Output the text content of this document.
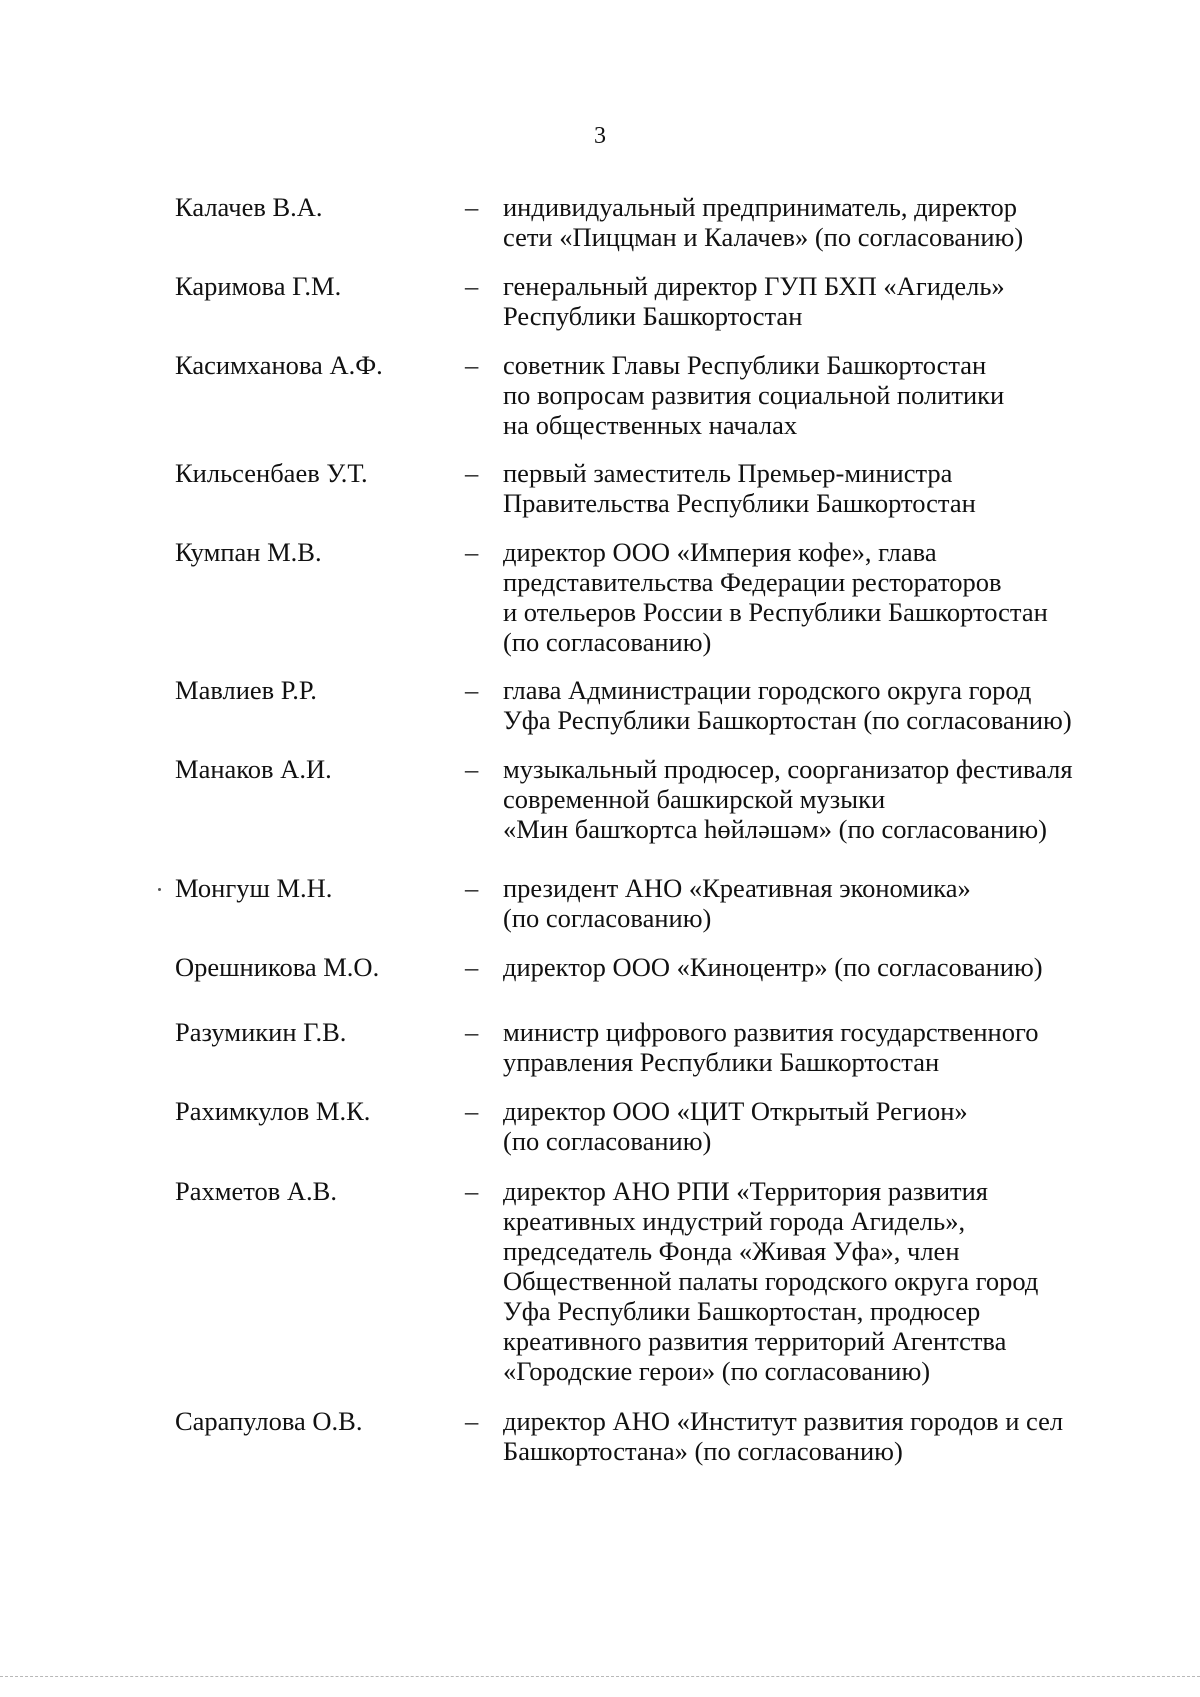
3
Калачев В.А.	– индивидуальный предприниматель, директор
сети «Пиццман и Калачев» (по согласованию)
Каримова Г.М.	– генеральный директор ГУП БХП «Агидель»
Республики Башкортостан
Касимханова А.Ф.	– советник Главы Республики Башкортостан
по вопросам развития социальной политики
на общественных началах
Кильсенбаев У.Т.	– первый заместитель Премьер-министра
Правительства Республики Башкортостан
Кумпан М.В.	– директор ООО «Империя кофе», глава
представительства Федерации рестораторов
и отельеров России в Республики Башкортостан
(по согласованию)
Мавлиев Р.Р.	– глава Администрации городского округа город
Уфа Республики Башкортостан (по согласованию)
Манаков А.И.	– музыкальный продюсер, соорганизатор фестиваля
современной башкирской музыки
«Мин башҡортса һөйләшәм» (по согласованию)
Монгуш М.Н.	– президент АНО «Креативная экономика»
(по согласованию)
Орешникова М.О.	– директор ООО «Киноцентр» (по согласованию)
Разумикин Г.В.	– министр цифрового развития государственного
управления Республики Башкортостан
Рахимкулов М.К.	– директор ООО «ЦИТ Открытый Регион»
(по согласованию)
Рахметов А.В.	– директор АНО РПИ «Территория развития
креативных индустрий города Агидель»,
председатель Фонда «Живая Уфа», член
Общественной палаты городского округа город
Уфа Республики Башкортостан, продюсер
креативного развития территорий Агентства
«Городские герои» (по согласованию)
Сарапулова О.В.	– директор АНО «Институт развития городов и сел
Башкортостана» (по согласованию)
